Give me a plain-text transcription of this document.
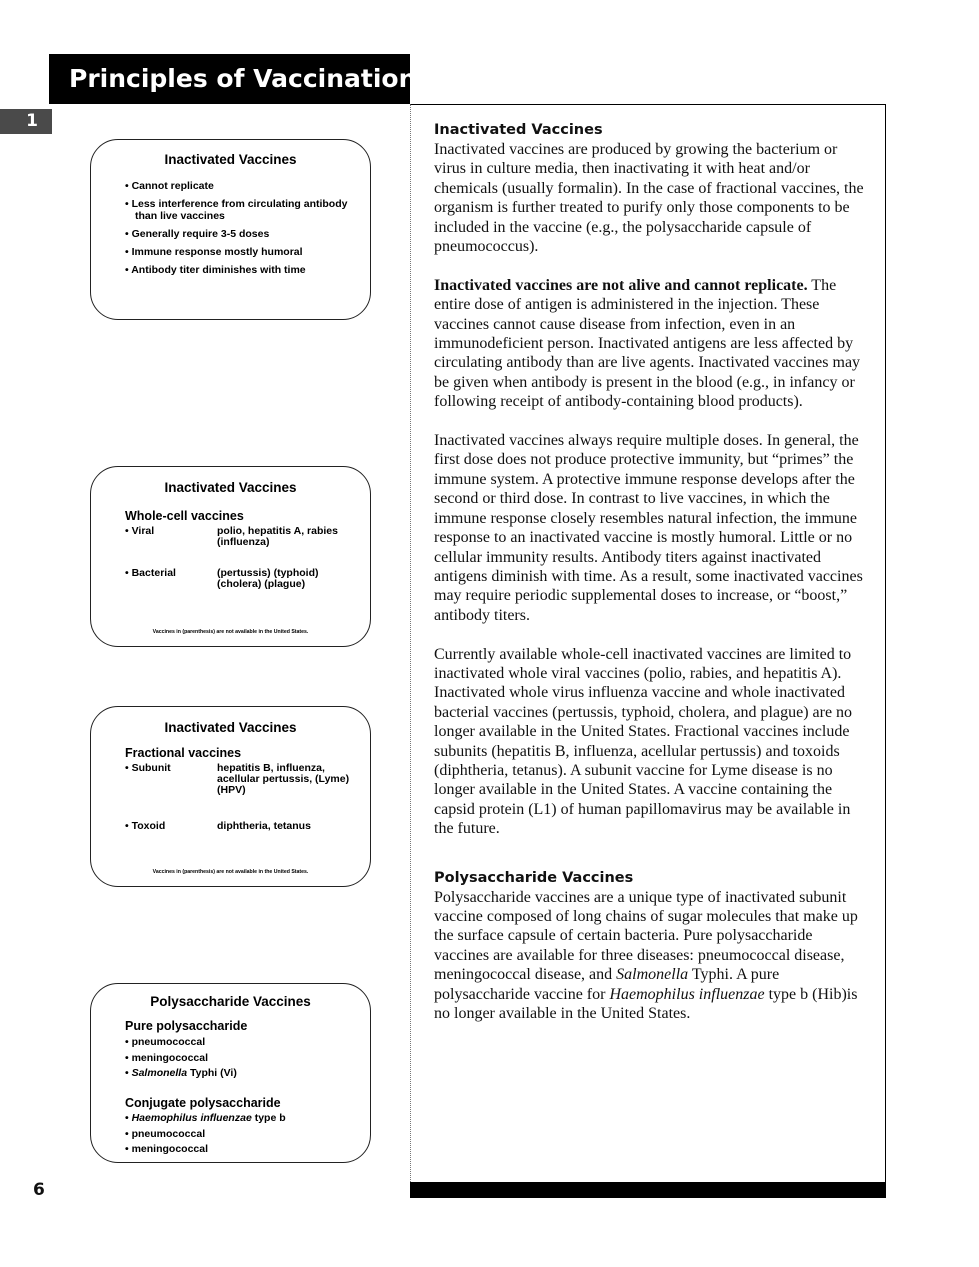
Principles of Vaccination
1
6
Inactivated Vaccines
• Cannot replicate
• Less interference from circulating antibody than live vaccines
• Generally require 3-5 doses
• Immune response mostly humoral
• Antibody titer diminishes with time
Inactivated Vaccines
Whole-cell vaccines
• Viral	polio, hepatitis A, rabies (influenza)
• Bacterial	(pertussis) (typhoid) (cholera) (plague)
Vaccines in (parenthesis) are not available in the United States.
Inactivated Vaccines
Fractional vaccines
• Subunit	hepatitis B, influenza, acellular pertussis, (Lyme) (HPV)
• Toxoid	diphtheria, tetanus
Vaccines in (parenthesis) are not available in the United States.
Polysaccharide Vaccines
Pure polysaccharide
• pneumococcal
• meningococcal
• Salmonella Typhi (Vi)
Conjugate polysaccharide
• Haemophilus influenzae type b
• pneumococcal
• meningococcal
Inactivated Vaccines

Inactivated vaccines are produced by growing the bacterium or virus in culture media, then inactivating it with heat and/or chemicals (usually formalin). In the case of fractional vaccines, the organism is further treated to purify only those components to be included in the vaccine (e.g., the polysaccharide capsule of pneumococcus).

Inactivated vaccines are not alive and cannot replicate. The entire dose of antigen is administered in the injection. These vaccines cannot cause disease from infection, even in an immunodeficient person. Inactivated antigens are less affected by circulating antibody than are live agents. Inactivated vaccines may be given when antibody is present in the blood (e.g., in infancy or following receipt of antibody-containing blood products).

Inactivated vaccines always require multiple doses. In general, the first dose does not produce protective immunity, but “primes” the immune system. A protective immune response develops after the second or third dose. In contrast to live vaccines, in which the immune response closely resembles natural infection, the immune response to an inactivated vaccine is mostly humoral. Little or no cellular immunity results. Antibody titers against inactivated antigens diminish with time. As a result, some inactivated vaccines may require periodic supplemental doses to increase, or “boost,” antibody titers.

Currently available whole-cell inactivated vaccines are limited to inactivated whole viral vaccines (polio, rabies, and hepatitis A). Inactivated whole virus influenza vaccine and whole inactivated bacterial vaccines (pertussis, typhoid, cholera, and plague) are no longer available in the United States. Fractional vaccines include subunits (hepatitis B, influenza, acellular pertussis) and toxoids (diphtheria, tetanus). A subunit vaccine for Lyme disease is no longer available in the United States. A vaccine containing the capsid protein (L1) of human papillomavirus may be available in the future.

Polysaccharide Vaccines

Polysaccharide vaccines are a unique type of inactivated subunit vaccine composed of long chains of sugar molecules that make up the surface capsule of certain bacteria. Pure polysaccharide vaccines are available for three diseases: pneumococcal disease, meningococcal disease, and Salmonella Typhi. A pure polysaccharide vaccine for Haemophilus influenzae type b (Hib)is no longer available in the United States.
